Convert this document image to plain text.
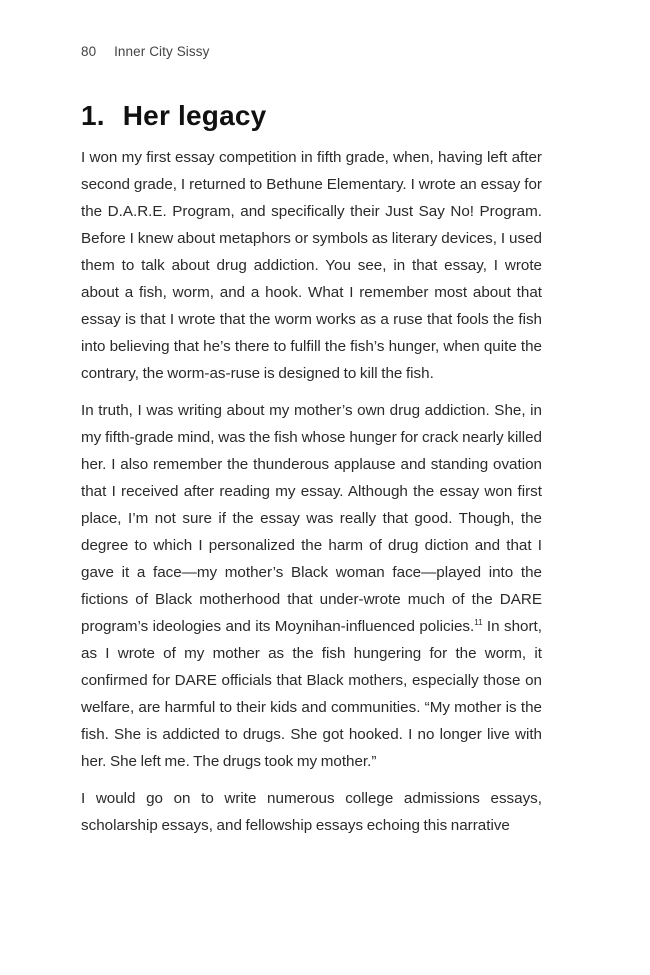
80 Inner City Sissy
1. Her legacy

I won my first essay competition in fifth grade, when, having left after second grade, I returned to Bethune Elementary. I wrote an essay for the D.A.R.E. Program, and specifically their Just Say No! Program. Before I knew about metaphors or symbols as literary devices, I used them to talk about drug addiction. You see, in that essay, I wrote about a fish, worm, and a hook. What I remember most about that essay is that I wrote that the worm works as a ruse that fools the fish into believing that he’s there to fulfill the fish’s hunger, when quite the contrary, the worm-as-ruse is designed to kill the fish.

In truth, I was writing about my mother’s own drug addiction. She, in my fifth-grade mind, was the fish whose hunger for crack nearly killed her. I also remember the thunderous applause and standing ovation that I received after reading my essay. Although the essay won first place, I’m not sure if the essay was really that good. Though, the degree to which I personalized the harm of drug diction and that I gave it a face—my mother’s Black woman face—played into the fictions of Black motherhood that under-wrote much of the DARE program’s ideologies and its Moynihan-influenced policies.$^{11}$ In short, as I wrote of my mother as the fish hungering for the worm, it confirmed for DARE officials that Black mothers, especially those on welfare, are harmful to their kids and communities. “My mother is the fish. She is addicted to drugs. She got hooked. I no longer live with her. She left me. The drugs took my mother.”

I would go on to write numerous college admissions essays, scholarship essays, and fellowship essays echoing this narrative
